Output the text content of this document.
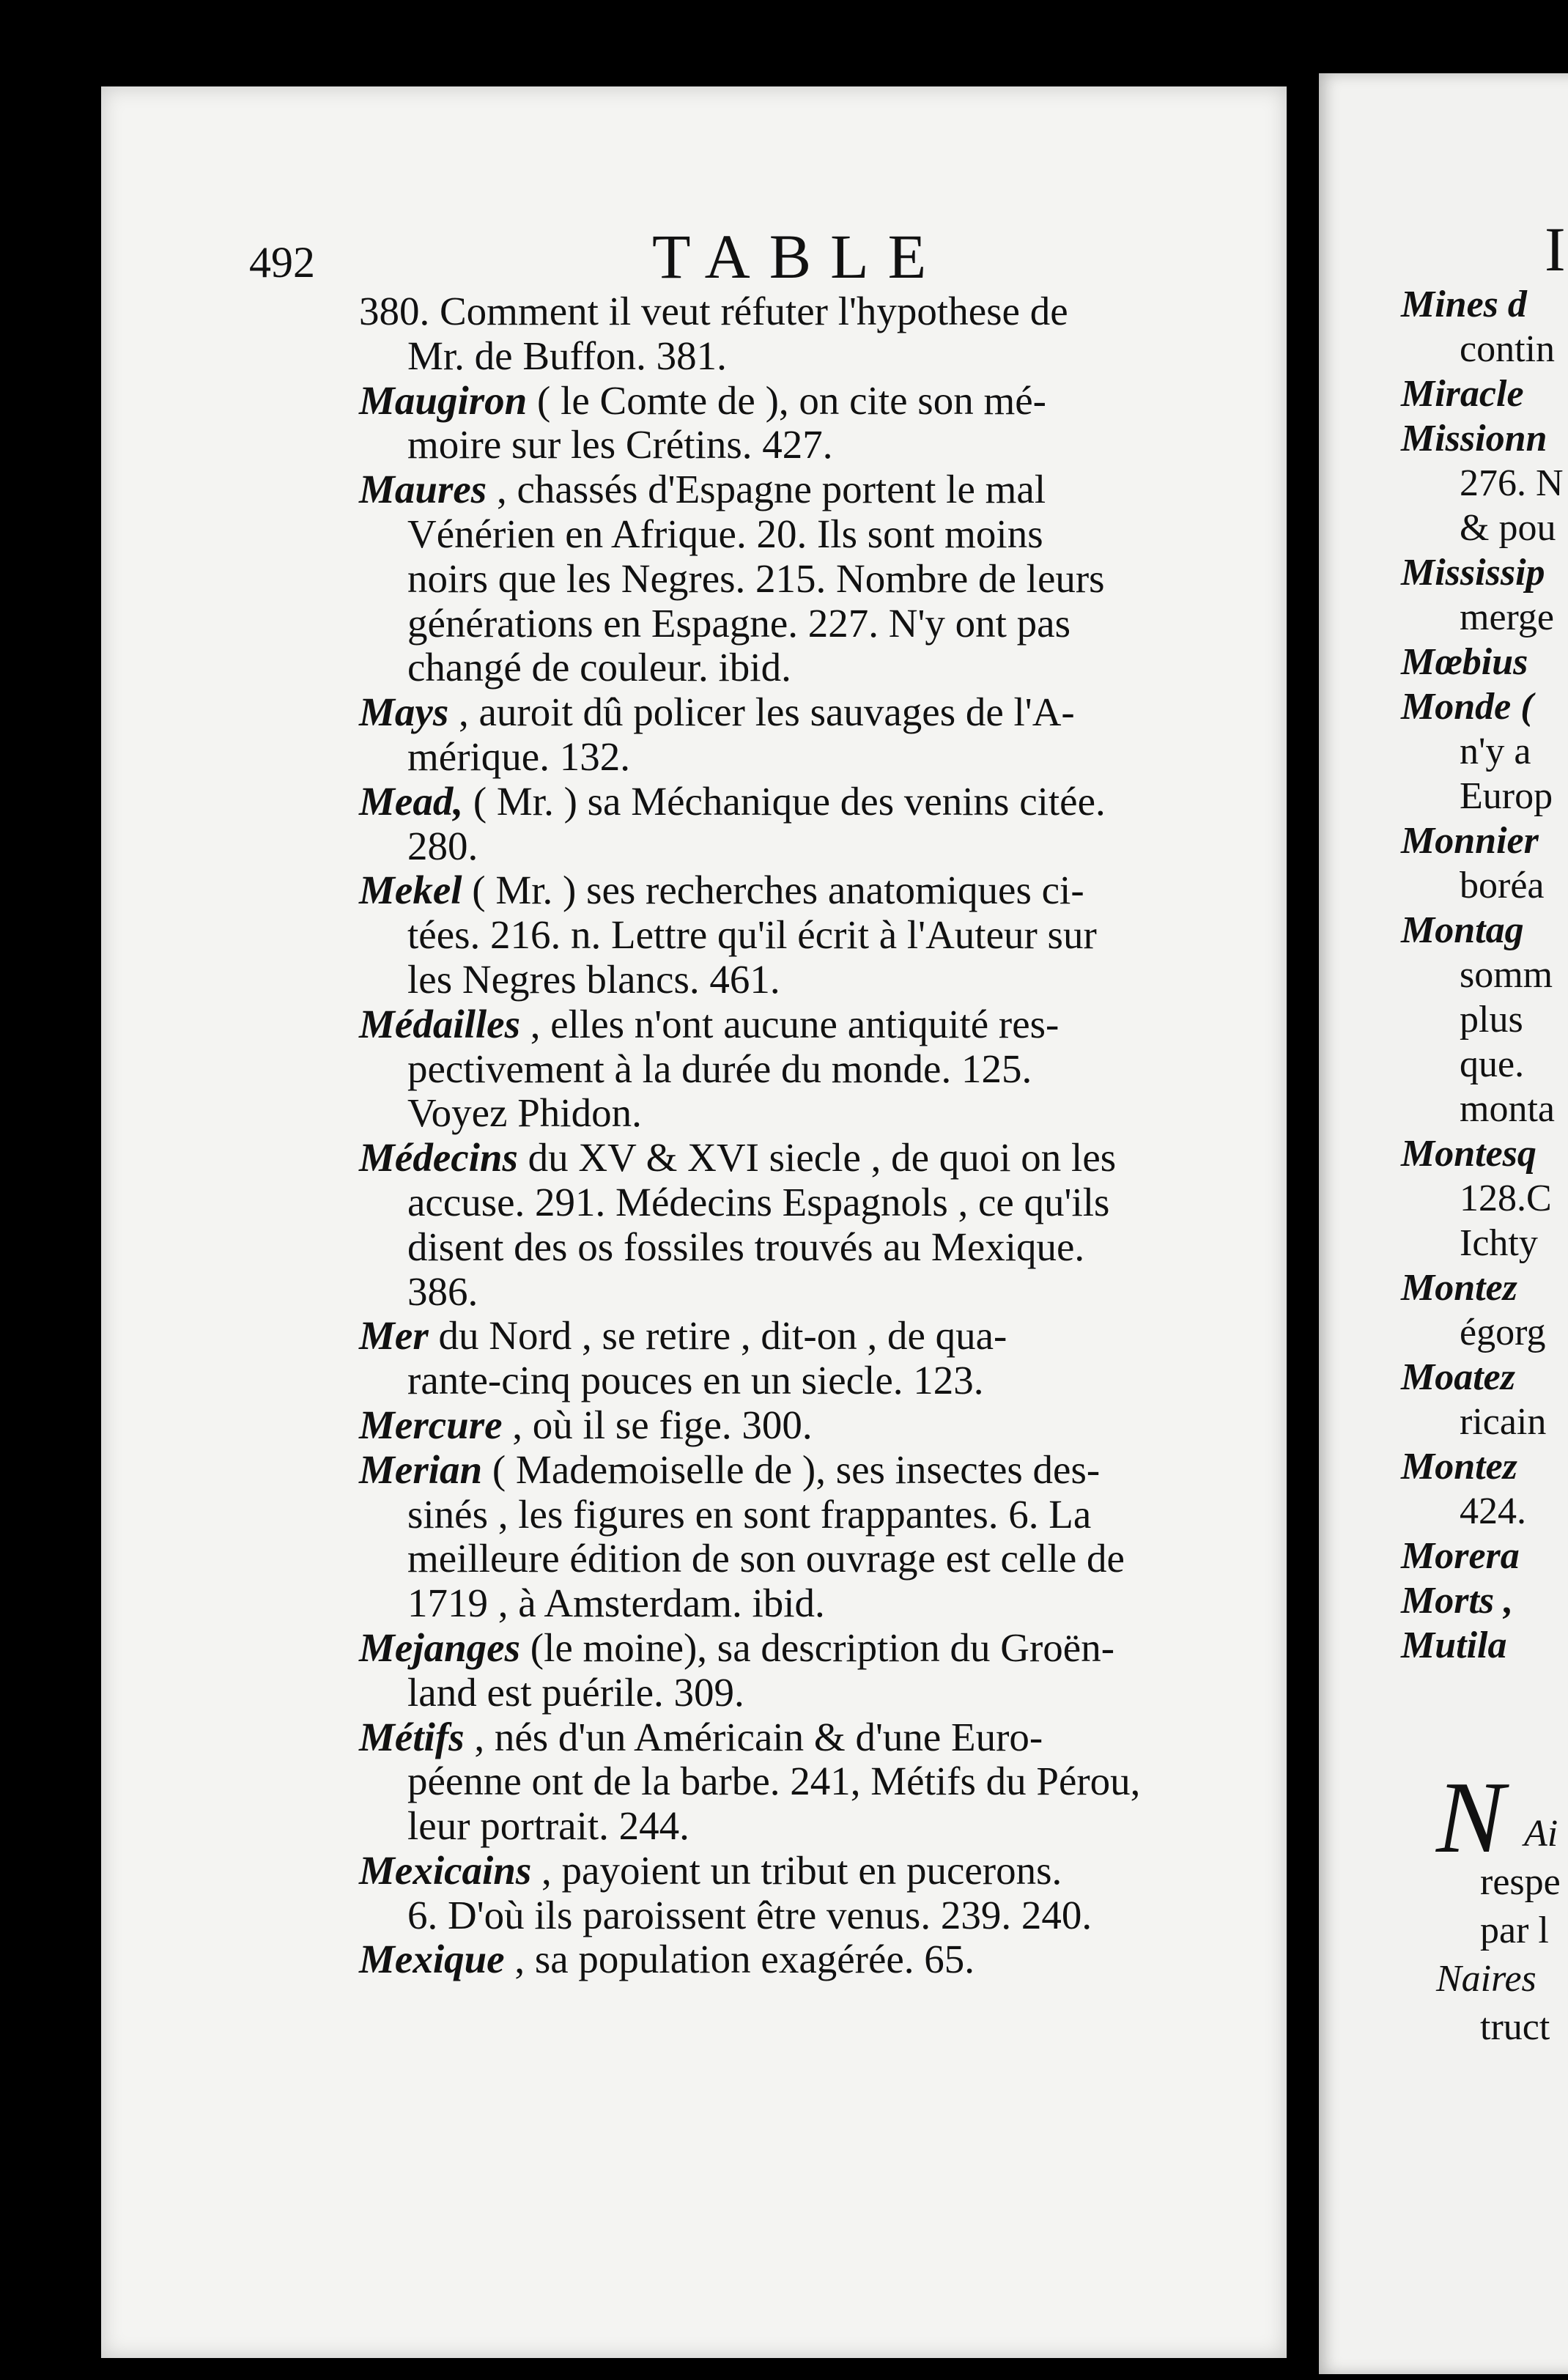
492	TABLE
380. Comment il veut réfuter l'hypothese de
Mr. de Buffon. 381.
Maugiron ( le Comte de ), on cite son mé-
moire sur les Crétins. 427.
Maures , chassés d'Espagne portent le mal
Vénérien en Afrique. 20. Ils sont moins
noirs que les Negres. 215. Nombre de leurs
générations en Espagne. 227. N'y ont pas
changé de couleur. ibid.
Mays , auroit dû policer les sauvages de l'A-
mérique. 132.
Mead, ( Mr. ) sa Méchanique des venins citée.
280.
Mekel ( Mr. ) ses recherches anatomiques ci-
tées. 216. n. Lettre qu'il écrit à l'Auteur sur
les Negres blancs. 461.
Médailles , elles n'ont aucune antiquité res-
pectivement à la durée du monde. 125.
Voyez Phidon.
Médecins du XV & XVI siecle , de quoi on les
accuse. 291. Médecins Espagnols , ce qu'ils
disent des os fossiles trouvés au Mexique.
386.
Mer du Nord , se retire , dit-on , de qua-
rante-cinq pouces en un siecle. 123.
Mercure , où il se fige. 300.
Merian ( Mademoiselle de ), ses insectes des-
sinés , les figures en sont frappantes. 6. La
meilleure édition de son ouvrage est celle de
1719 , à Amsterdam. ibid.
Mejanges (le moine), sa description du Groën-
land est puérile. 309.
Métifs , nés d'un Américain & d'une Euro-
péenne ont de la barbe. 241, Métifs du Pérou,
leur portrait. 244.
Mexicains , payoient un tribut en pucerons.
6. D'où ils paroissent être venus. 239. 240.
Mexique , sa population exagérée. 65.
I
Mines d
contin
Miracle
Missionn
276. N
& pou
Mississip
merge
Mœbius
Monde (
n'y a
Europ
Monnier
boréa
Montag
somm
plus
que.
monta
Montesq
128.C
Ichty
Montez
égorg
Moatez
ricain
Montez
424.
Morera
Morts ,
Mutila
N Ai
respe
par l
Naires
truct
